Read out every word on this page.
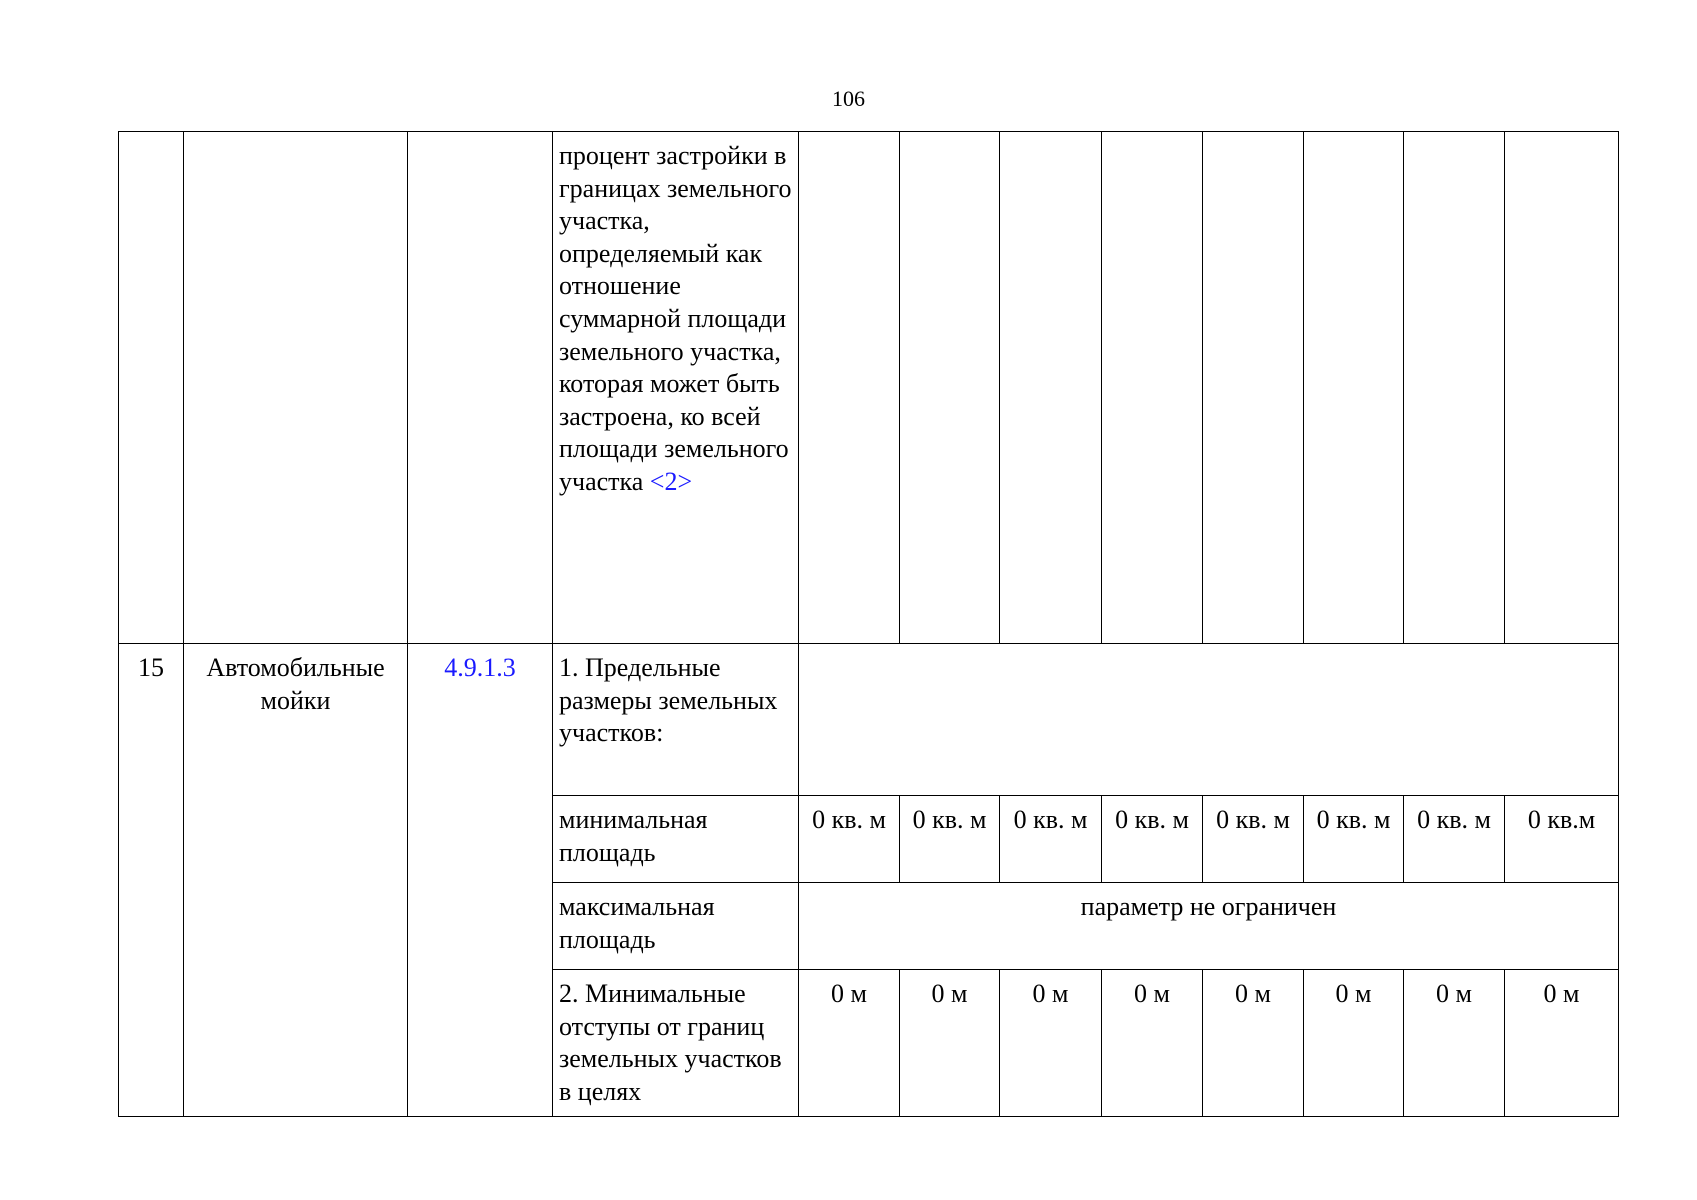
106
			процент застройки в границах земельного участка, определяемый как отношение суммарной площади земельного участка, которая может быть застроена, ко всей площади земельного участка <2>								
15	Автомобильные мойки	4.9.1.3	1. Предельные размеры земельных участков:								
			минимальная площадь	0 кв. м	0 кв. м	0 кв. м	0 кв. м	0 кв. м	0 кв. м	0 кв. м	0 кв.м
			максимальная площадь	параметр не ограничен							

			2. Минимальные отступы от границ земельных участков в целях	0 м	0 м	0 м	0 м	0 м	0 м	0 м	0 м
